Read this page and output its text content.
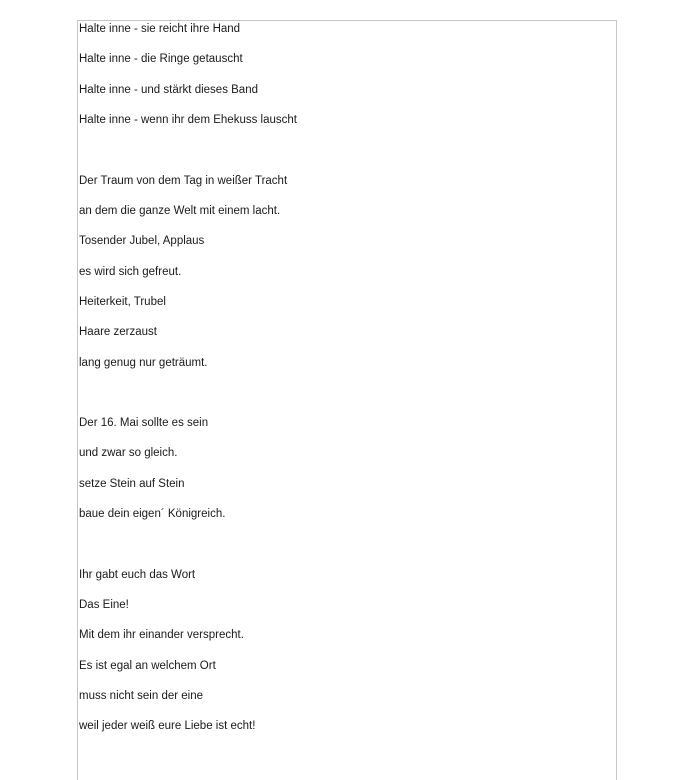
Halte inne - sie reicht ihre Hand
Halte inne - die Ringe getauscht
Halte inne - und stärkt dieses Band
Halte inne - wenn ihr dem Ehekuss lauscht
Der Traum von dem Tag in weißer Tracht
an dem die ganze Welt mit einem lacht.
Tosender Jubel, Applaus
es wird sich gefreut.
Heiterkeit, Trubel
Haare zerzaust
lang genug nur geträumt.
Der 16. Mai sollte es sein
und zwar so gleich.
setze Stein auf Stein
baue dein eigen´ Königreich.
Ihr gabt euch das Wort
Das Eine!
Mit dem ihr einander versprecht.
Es ist egal an welchem Ort
muss nicht sein der eine
weil jeder weiß eure Liebe ist echt!
